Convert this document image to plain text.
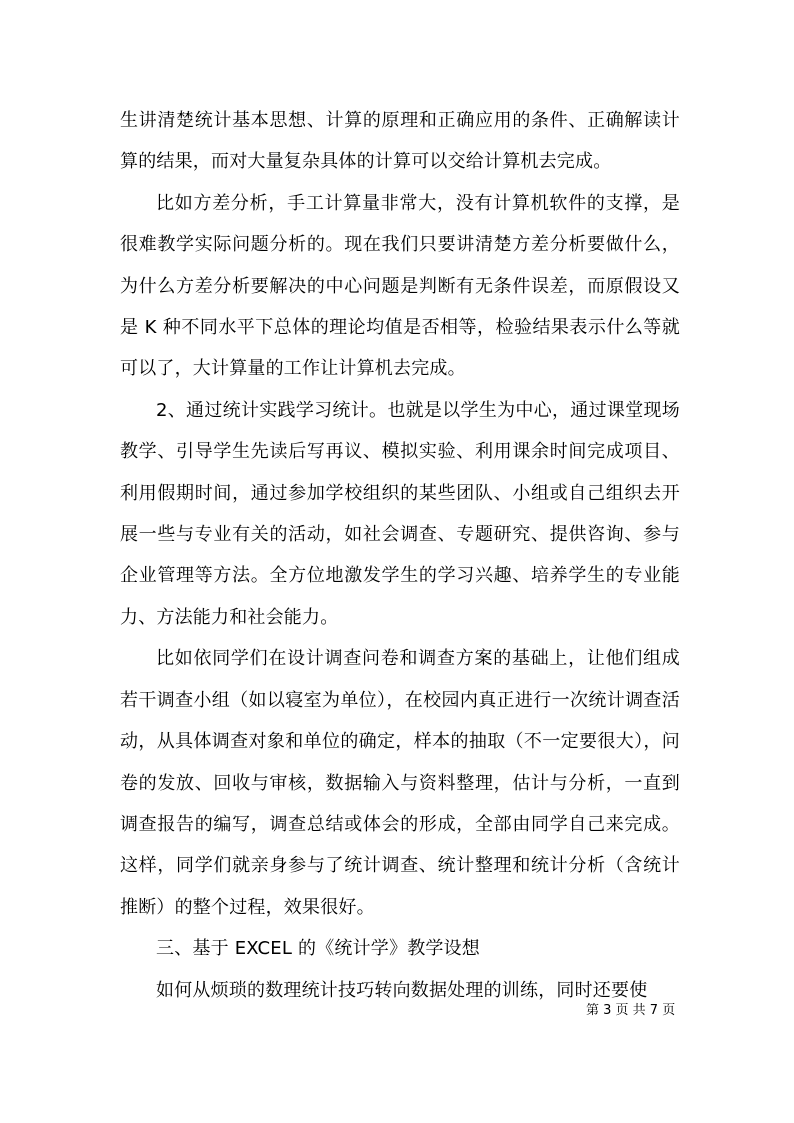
生讲清楚统计基本思想、计算的原理和正确应用的条件、正确解读计算的结果，而对大量复杂具体的计算可以交给计算机去完成。

比如方差分析，手工计算量非常大，没有计算机软件的支撑，是很难教学实际问题分析的。现在我们只要讲清楚方差分析要做什么，为什么方差分析要解决的中心问题是判断有无条件误差，而原假设又是 K 种不同水平下总体的理论均值是否相等，检验结果表示什么等就可以了，大计算量的工作让计算机去完成。

2、通过统计实践学习统计。也就是以学生为中心，通过课堂现场教学、引导学生先读后写再议、模拟实验、利用课余时间完成项目、利用假期时间，通过参加学校组织的某些团队、小组或自己组织去开展一些与专业有关的活动，如社会调查、专题研究、提供咨询、参与企业管理等方法。全方位地激发学生的学习兴趣、培养学生的专业能力、方法能力和社会能力。

比如依同学们在设计调查问卷和调查方案的基础上，让他们组成若干调查小组（如以寝室为单位），在校园内真正进行一次统计调查活动，从具体调查对象和单位的确定，样本的抽取（不一定要很大），问卷的发放、回收与审核，数据输入与资料整理，估计与分析，一直到调查报告的编写，调查总结或体会的形成，全部由同学自己来完成。这样，同学们就亲身参与了统计调查、统计整理和统计分析（含统计推断）的整个过程，效果很好。

三、基于 EXCEL 的《统计学》教学设想

如何从烦琐的数理统计技巧转向数据处理的训练，同时还要使

第 3 页 共 7 页
